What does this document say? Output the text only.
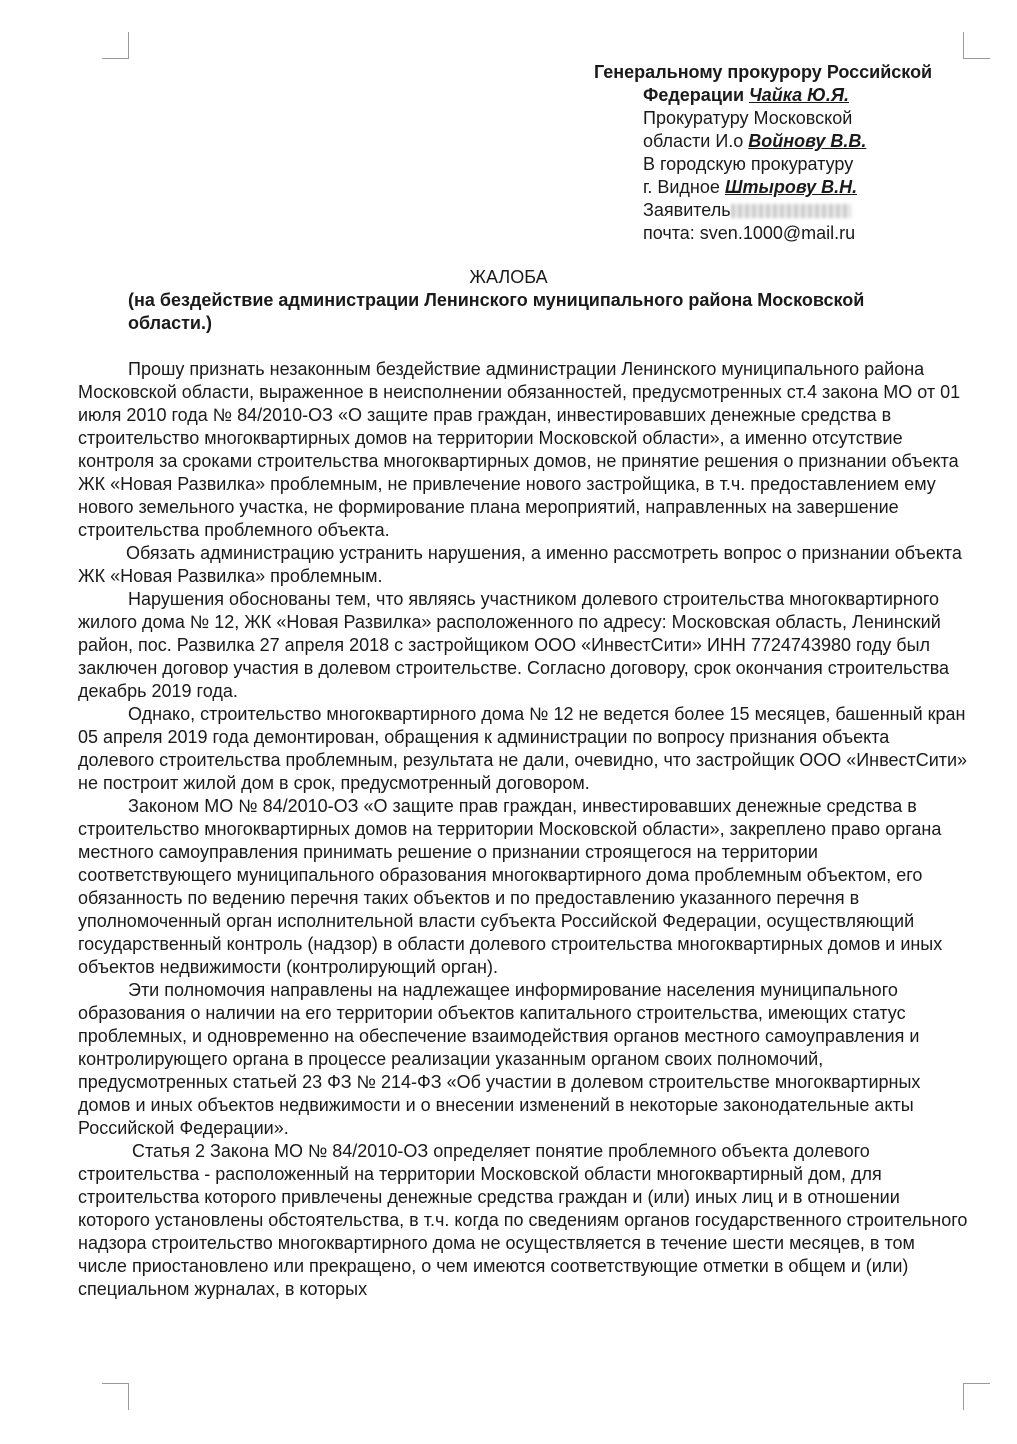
Генеральному прокурору Российской
Федерации Чайка Ю.Я.
Прокуратуру Московской
области И.о Войнову В.В.
В городскую прокуратуру
г. Видное Штырову В.Н.
Заявитель
почта: sven.1000@mail.ru
ЖАЛОБА
(на бездействие администрации Ленинского муниципального района Московской области.)

Прошу признать незаконным бездействие администрации Ленинского муниципального района Московской области, выраженное в неисполнении обязанностей, предусмотренных ст.4 закона МО от 01 июля 2010 года № 84/2010-ОЗ «О защите прав граждан, инвестировавших денежные средства в строительство многоквартирных домов на территории Московской области», а именно отсутствие контроля за сроками строительства многоквартирных домов, не принятие решения о признании объекта ЖК «Новая Развилка» проблемным, не привлечение нового застройщика, в т.ч. предоставлением ему нового земельного участка, не формирование плана мероприятий, направленных на завершение строительства проблемного объекта.

Обязать администрацию устранить нарушения, а именно рассмотреть вопрос о признании объекта ЖК «Новая Развилка» проблемным.

Нарушения обоснованы тем, что являясь участником долевого строительства многоквартирного жилого дома № 12, ЖК «Новая Развилка» расположенного по адресу: Московская область, Ленинский район, пос. Развилка 27 апреля 2018 с застройщиком ООО «ИнвестСити» ИНН 7724743980 году был заключен договор участия в долевом строительстве. Согласно договору, срок окончания строительства декабрь 2019 года.

Однако, строительство многоквартирного дома № 12 не ведется более 15 месяцев, башенный кран 05 апреля 2019 года демонтирован, обращения к администрации по вопросу признания объекта долевого строительства проблемным, результата не дали, очевидно, что застройщик ООО «ИнвестСити» не построит жилой дом в срок, предусмотренный договором.

Законом МО № 84/2010-ОЗ «О защите прав граждан, инвестировавших денежные средства в строительство многоквартирных домов на территории Московской области», закреплено право органа местного самоуправления принимать решение о признании строящегося на территории соответствующего муниципального образования многоквартирного дома проблемным объектом, его обязанность по ведению перечня таких объектов и по предоставлению указанного перечня в уполномоченный орган исполнительной власти субъекта Российской Федерации, осуществляющий государственный контроль (надзор) в области долевого строительства многоквартирных домов и иных объектов недвижимости (контролирующий орган).

Эти полномочия направлены на надлежащее информирование населения муниципального образования о наличии на его территории объектов капитального строительства, имеющих статус проблемных, и одновременно на обеспечение взаимодействия органов местного самоуправления и контролирующего органа в процессе реализации указанным органом своих полномочий, предусмотренных статьей 23 ФЗ № 214-ФЗ «Об участии в долевом строительстве многоквартирных домов и иных объектов недвижимости и о внесении изменений в некоторые законодательные акты Российской Федерации».

Статья 2 Закона МО № 84/2010-ОЗ определяет понятие проблемного объекта долевого строительства - расположенный на территории Московской области многоквартирный дом, для строительства которого привлечены денежные средства граждан и (или) иных лиц и в отношении которого установлены обстоятельства, в т.ч. когда по сведениям органов государственного строительного надзора строительство многоквартирного дома не осуществляется в течение шести месяцев, в том числе приостановлено или прекращено, о чем имеются соответствующие отметки в общем и (или) специальном журналах, в которых
